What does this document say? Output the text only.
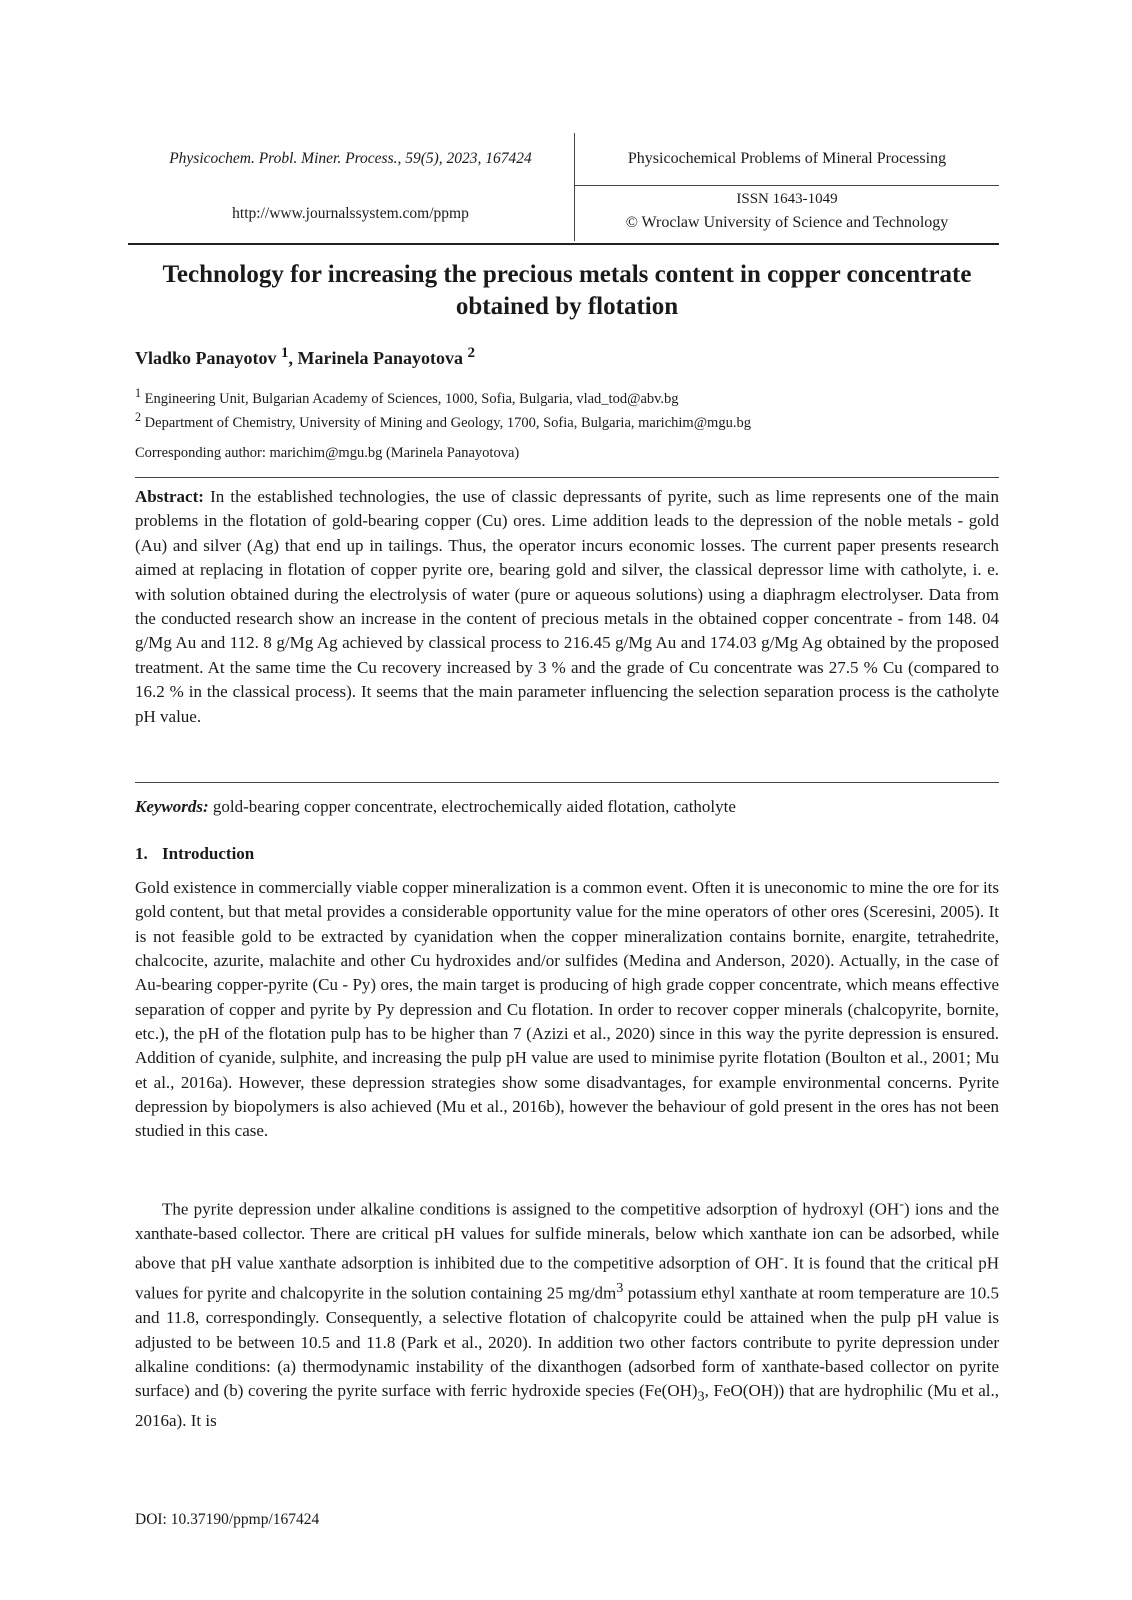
Physicochem. Probl. Miner. Process., 59(5), 2023, 167424
http://www.journalssystem.com/ppmp
Physicochemical Problems of Mineral Processing
ISSN 1643-1049
© Wroclaw University of Science and Technology
Technology for increasing the precious metals content in copper concentrate obtained by flotation

Vladko Panayotov $^1$, Marinela Panayotova $^2$

$^1$ Engineering Unit, Bulgarian Academy of Sciences, 1000, Sofia, Bulgaria, vlad_tod@abv.bg

$^2$ Department of Chemistry, University of Mining and Geology, 1700, Sofia, Bulgaria, marichim@mgu.bg

Corresponding author: marichim@mgu.bg (Marinela Panayotova)

Abstract: In the established technologies, the use of classic depressants of pyrite, such as lime represents one of the main problems in the flotation of gold-bearing copper (Cu) ores. Lime addition leads to the depression of the noble metals - gold (Au) and silver (Ag) that end up in tailings. Thus, the operator incurs economic losses. The current paper presents research aimed at replacing in flotation of copper pyrite ore, bearing gold and silver, the classical depressor lime with catholyte, i. e. with solution obtained during the electrolysis of water (pure or aqueous solutions) using a diaphragm electrolyser. Data from the conducted research show an increase in the content of precious metals in the obtained copper concentrate - from 148. 04 g/Mg Au and 112. 8 g/Mg Ag achieved by classical process to 216.45 g/Mg Au and 174.03 g/Mg Ag obtained by the proposed treatment. At the same time the Cu recovery increased by 3 % and the grade of Cu concentrate was 27.5 % Cu (compared to 16.2 % in the classical process). It seems that the main parameter influencing the selection separation process is the catholyte pH value.

Keywords: gold-bearing copper concentrate, electrochemically aided flotation, catholyte

1. Introduction

Gold existence in commercially viable copper mineralization is a common event. Often it is uneconomic to mine the ore for its gold content, but that metal provides a considerable opportunity value for the mine operators of other ores (Sceresini, 2005). It is not feasible gold to be extracted by cyanidation when the copper mineralization contains bornite, enargite, tetrahedrite, chalcocite, azurite, malachite and other Cu hydroxides and/or sulfides (Medina and Anderson, 2020). Actually, in the case of Au-bearing copper-pyrite (Cu - Py) ores, the main target is producing of high grade copper concentrate, which means effective separation of copper and pyrite by Py depression and Cu flotation. In order to recover copper minerals (chalcopyrite, bornite, etc.), the pH of the flotation pulp has to be higher than 7 (Azizi et al., 2020) since in this way the pyrite depression is ensured. Addition of cyanide, sulphite, and increasing the pulp pH value are used to minimise pyrite flotation (Boulton et al., 2001; Mu et al., 2016a). However, these depression strategies show some disadvantages, for example environmental concerns. Pyrite depression by biopolymers is also achieved (Mu et al., 2016b), however the behaviour of gold present in the ores has not been studied in this case.

The pyrite depression under alkaline conditions is assigned to the competitive adsorption of hydroxyl (OH-) ions and the xanthate-based collector. There are critical pH values for sulfide minerals, below which xanthate ion can be adsorbed, while above that pH value xanthate adsorption is inhibited due to the competitive adsorption of OH-. It is found that the critical pH values for pyrite and chalcopyrite in the solution containing 25 $mg/dm^3$ potassium ethyl xanthate at room temperature are 10.5 and 11.8, correspondingly. Consequently, a selective flotation of chalcopyrite could be attained when the pulp pH value is adjusted to be between 10.5 and 11.8 (Park et al., 2020). In addition two other factors contribute to pyrite depression under alkaline conditions: (a) thermodynamic instability of the dixanthogen (adsorbed form of xanthate-based collector on pyrite surface) and (b) covering the pyrite surface with ferric hydroxide species ($Fe(OH)_3$, FeO(OH)) that are hydrophilic (Mu et al., 2016a). It is

DOI: 10.37190/ppmp/167424
